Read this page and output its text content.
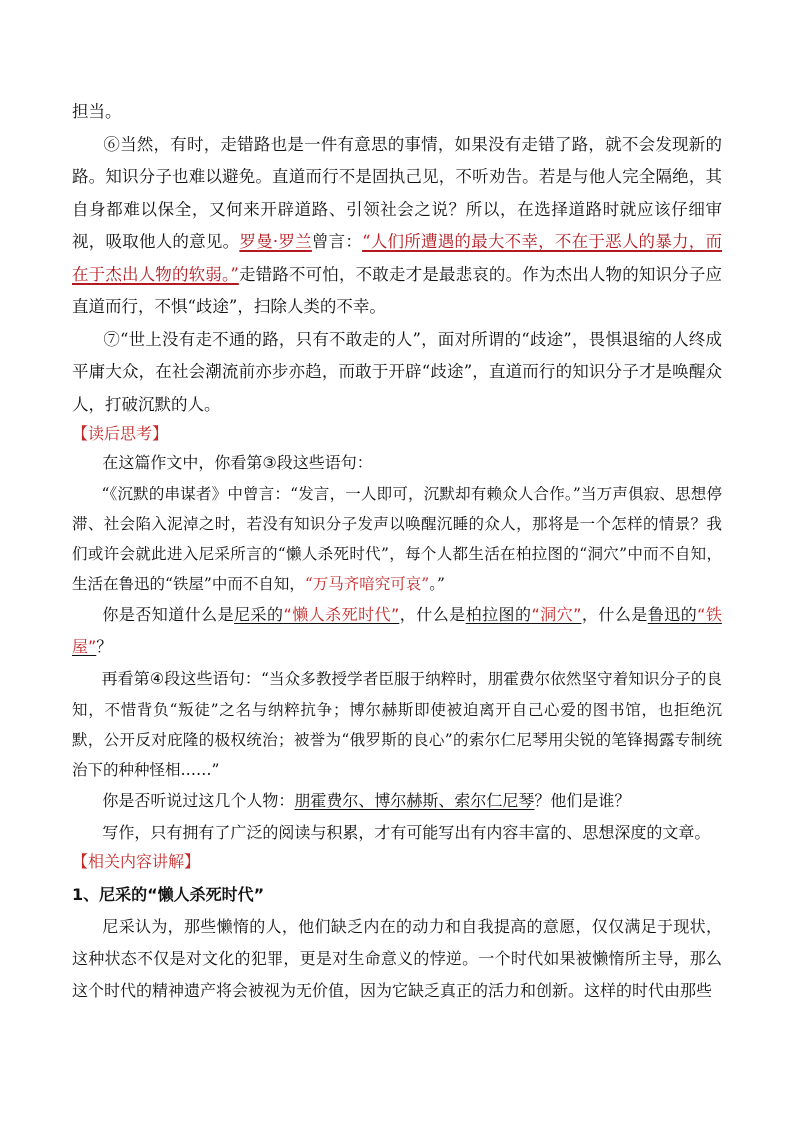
担当。

⑥当然，有时，走错路也是一件有意思的事情，如果没有走错了路，就不会发现新的路。知识分子也难以避免。直道而行不是固执己见，不听劝告。若是与他人完全隔绝，其自身都难以保全，又何来开辟道路、引领社会之说？所以，在选择道路时就应该仔细审视，吸取他人的意见。罗曼·罗兰曾言：“人们所遭遇的最大不幸，不在于恶人的暴力，而在于杰出人物的软弱。”走错路不可怕，不敢走才是最悲哀的。作为杰出人物的知识分子应直道而行，不惧“歧途”，扫除人类的不幸。

⑦“世上没有走不通的路，只有不敢走的人”，面对所谓的“歧途”，畏惧退缩的人终成平庸大众，在社会潮流前亦步亦趋，而敢于开辟“歧途”，直道而行的知识分子才是唤醒众人，打破沉默的人。

【读后思考】

在这篇作文中，你看第③段这些语句：

“《沉默的串谋者》中曾言：“发言，一人即可，沉默却有赖众人合作。”当万声俱寂、思想停滞、社会陷入泥淖之时，若没有知识分子发声以唤醒沉睡的众人，那将是一个怎样的情景？我们或许会就此进入尼采所言的“懒人杀死时代”，每个人都生活在柏拉图的“洞穴”中而不自知，生活在鲁迅的“铁屋”中而不自知，“万马齐喑究可哀”。”

你是否知道什么是尼采的“懒人杀死时代”，什么是柏拉图的“洞穴”，什么是鲁迅的“铁屋”？

再看第④段这些语句：“当众多教授学者臣服于纳粹时，朋霍费尔依然坚守着知识分子的良知，不惜背负“叛徒”之名与纳粹抗争；博尔赫斯即使被迫离开自己心爱的图书馆，也拒绝沉默，公开反对庇隆的极权统治；被誉为“俄罗斯的良心”的索尔仁尼琴用尖锐的笔锋揭露专制统治下的种种怪相……”

你是否听说过这几个人物：朋霍费尔、博尔赫斯、索尔仁尼琴？他们是谁？

写作，只有拥有了广泛的阅读与积累，才有可能写出有内容丰富的、思想深度的文章。

【相关内容讲解】

1、尼采的“懒人杀死时代”

尼采认为，那些懒惰的人，他们缺乏内在的动力和自我提高的意愿，仅仅满足于现状，这种状态不仅是对文化的犯罪，更是对生命意义的悖逆。一个时代如果被懒惰所主导，那么这个时代的精神遗产将会被视为无价值，因为它缺乏真正的活力和创新。这样的时代由那些
